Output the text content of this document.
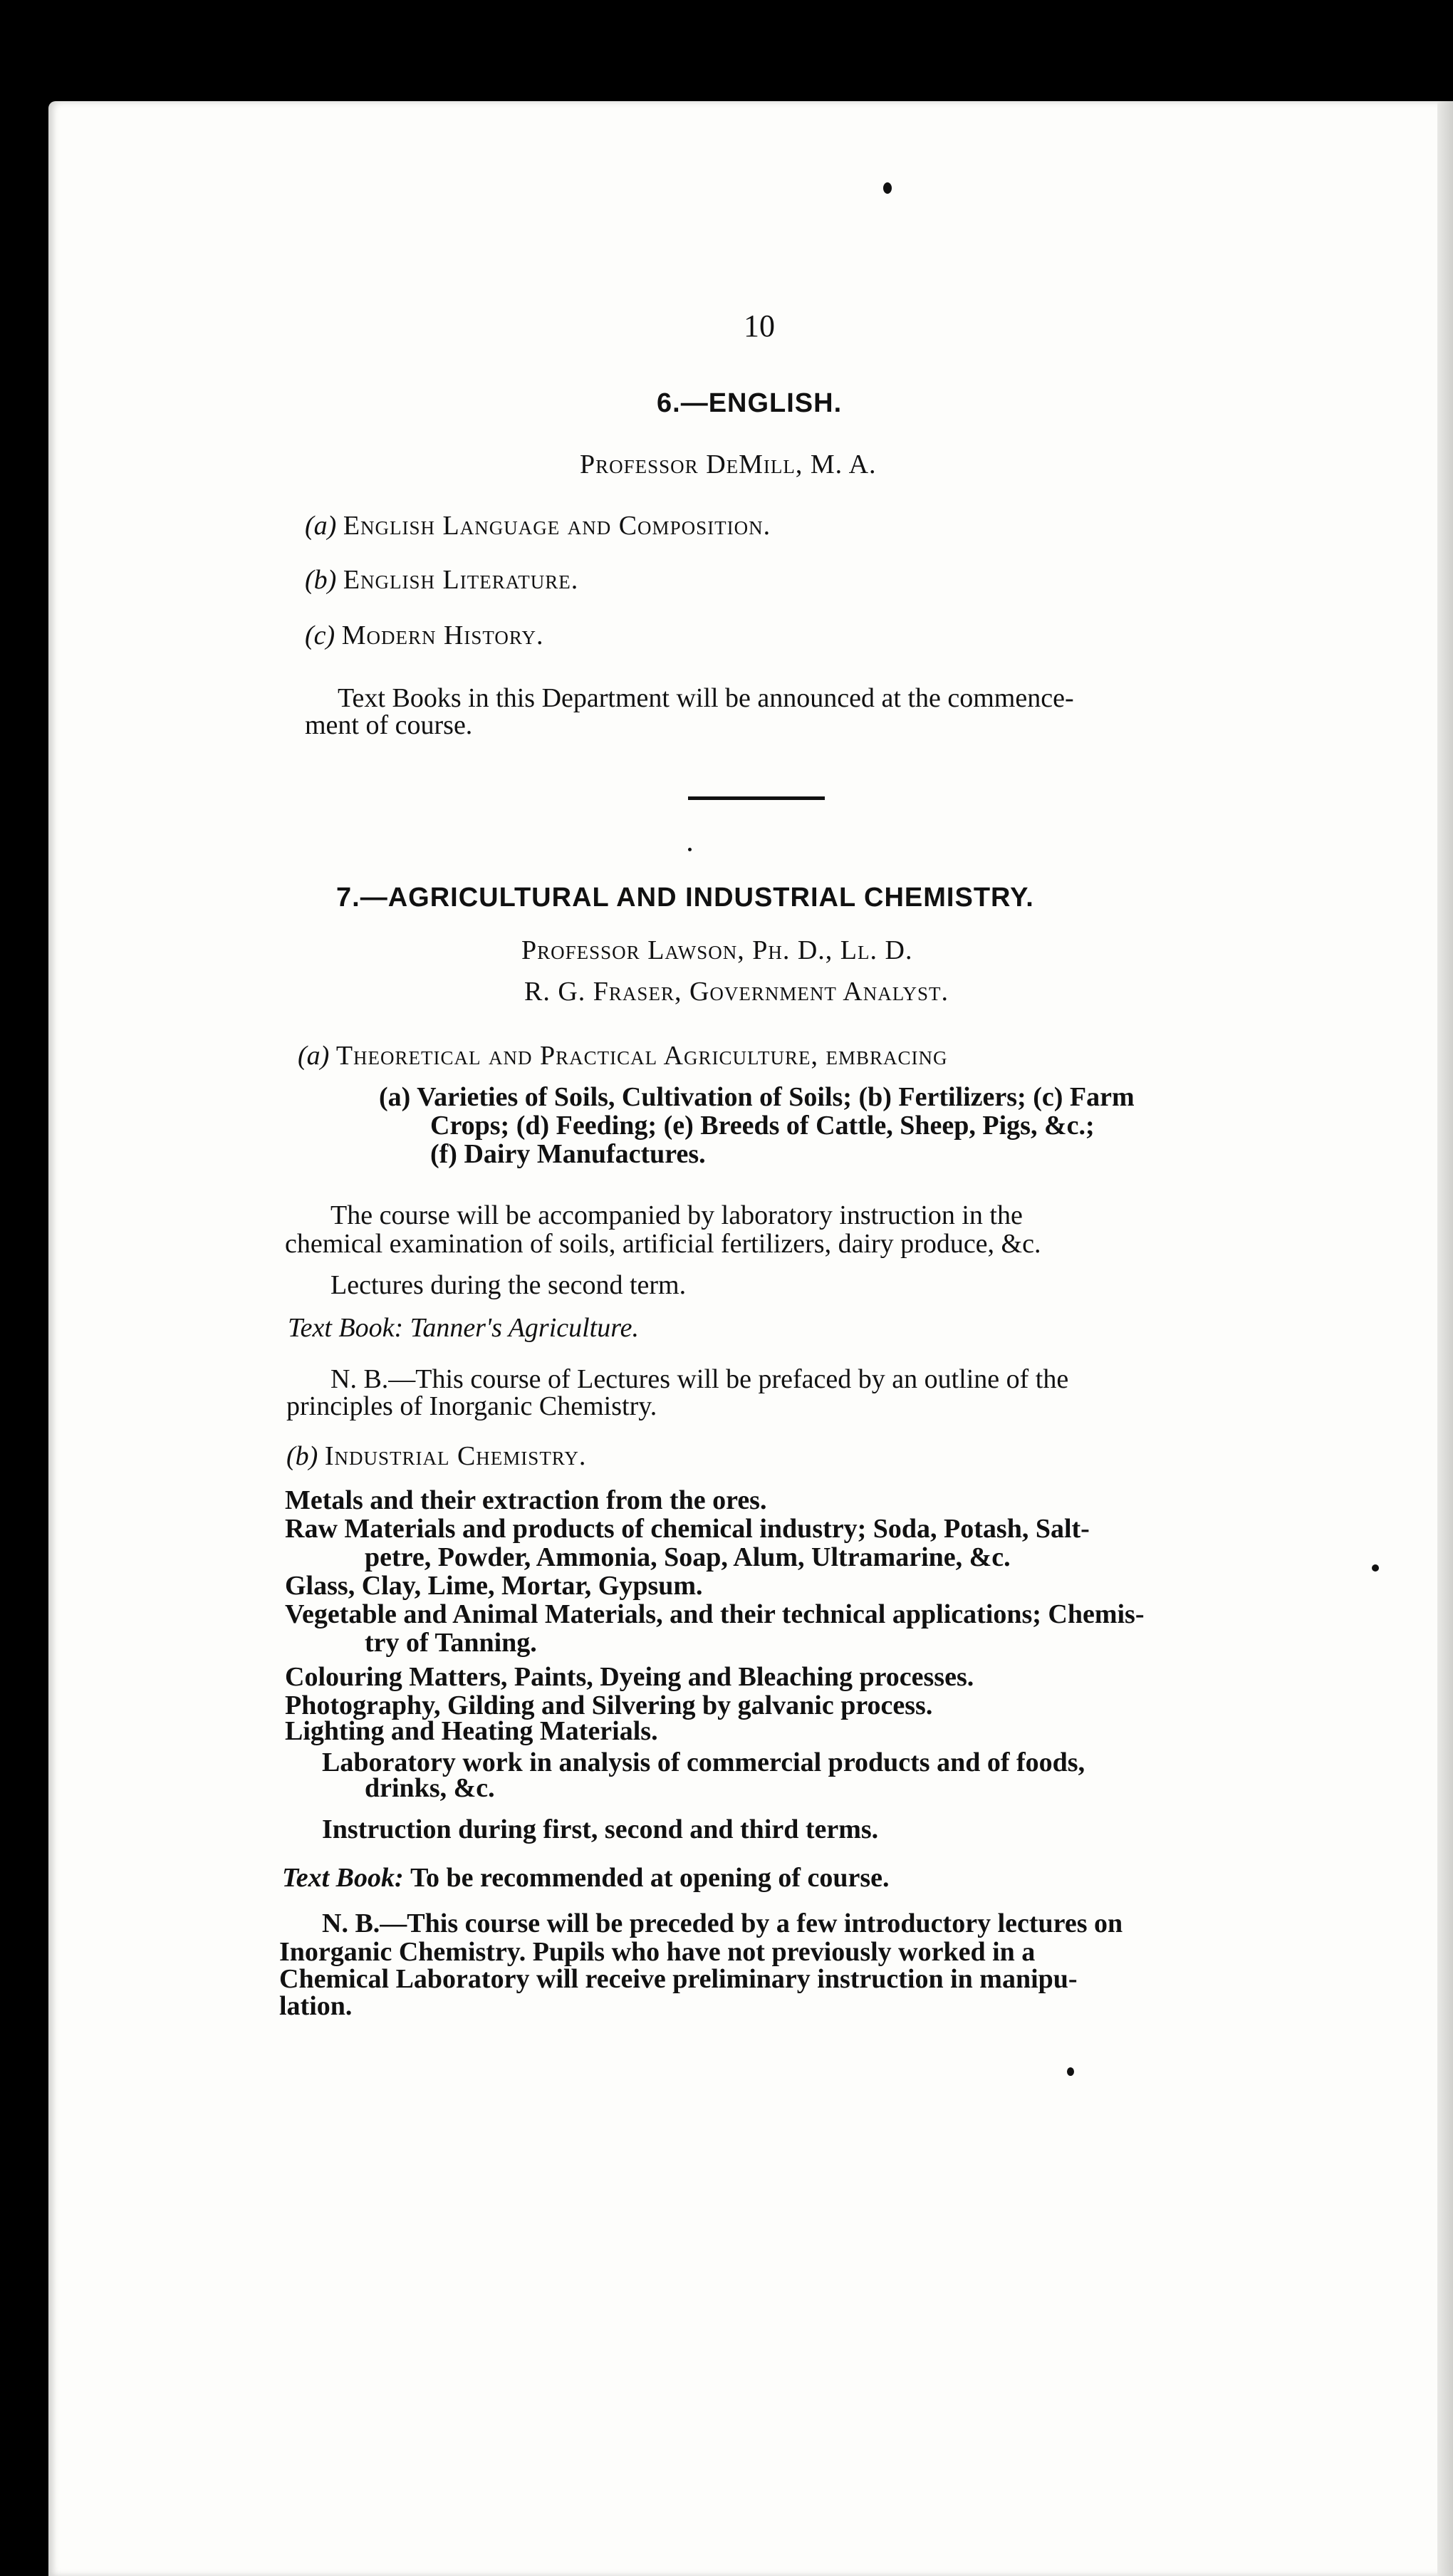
10
6.—ENGLISH.
Professor DeMill, M. A.
(a) English Language and Composition.
(b) English Literature.
(c) Modern History.
Text Books in this Department will be announced at the commence-
ment of course.
7.—AGRICULTURAL AND INDUSTRIAL CHEMISTRY.
Professor Lawson, Ph. D., Ll. D.
R. G. Fraser, Government Analyst.
(a) Theoretical and Practical Agriculture, embracing
(a) Varieties of Soils, Cultivation of Soils; (b) Fertilizers; (c) Farm
Crops; (d) Feeding; (e) Breeds of Cattle, Sheep, Pigs, &c.;
(f) Dairy Manufactures.
The course will be accompanied by laboratory instruction in the
chemical examination of soils, artificial fertilizers, dairy produce, &c.
Lectures during the second term.
Text Book: Tanner's Agriculture.
N. B.—This course of Lectures will be prefaced by an outline of the
principles of Inorganic Chemistry.
(b) Industrial Chemistry.
Metals and their extraction from the ores.
Raw Materials and products of chemical industry; Soda, Potash, Salt-
petre, Powder, Ammonia, Soap, Alum, Ultramarine, &c.
Glass, Clay, Lime, Mortar, Gypsum.
Vegetable and Animal Materials, and their technical applications; Chemis-
try of Tanning.
Colouring Matters, Paints, Dyeing and Bleaching processes.
Photography, Gilding and Silvering by galvanic process.
Lighting and Heating Materials.
Laboratory work in analysis of commercial products and of foods,
drinks, &c.
Instruction during first, second and third terms.
Text Book: To be recommended at opening of course.
N. B.—This course will be preceded by a few introductory lectures on
Inorganic Chemistry. Pupils who have not previously worked in a
Chemical Laboratory will receive preliminary instruction in manipu-
lation.
